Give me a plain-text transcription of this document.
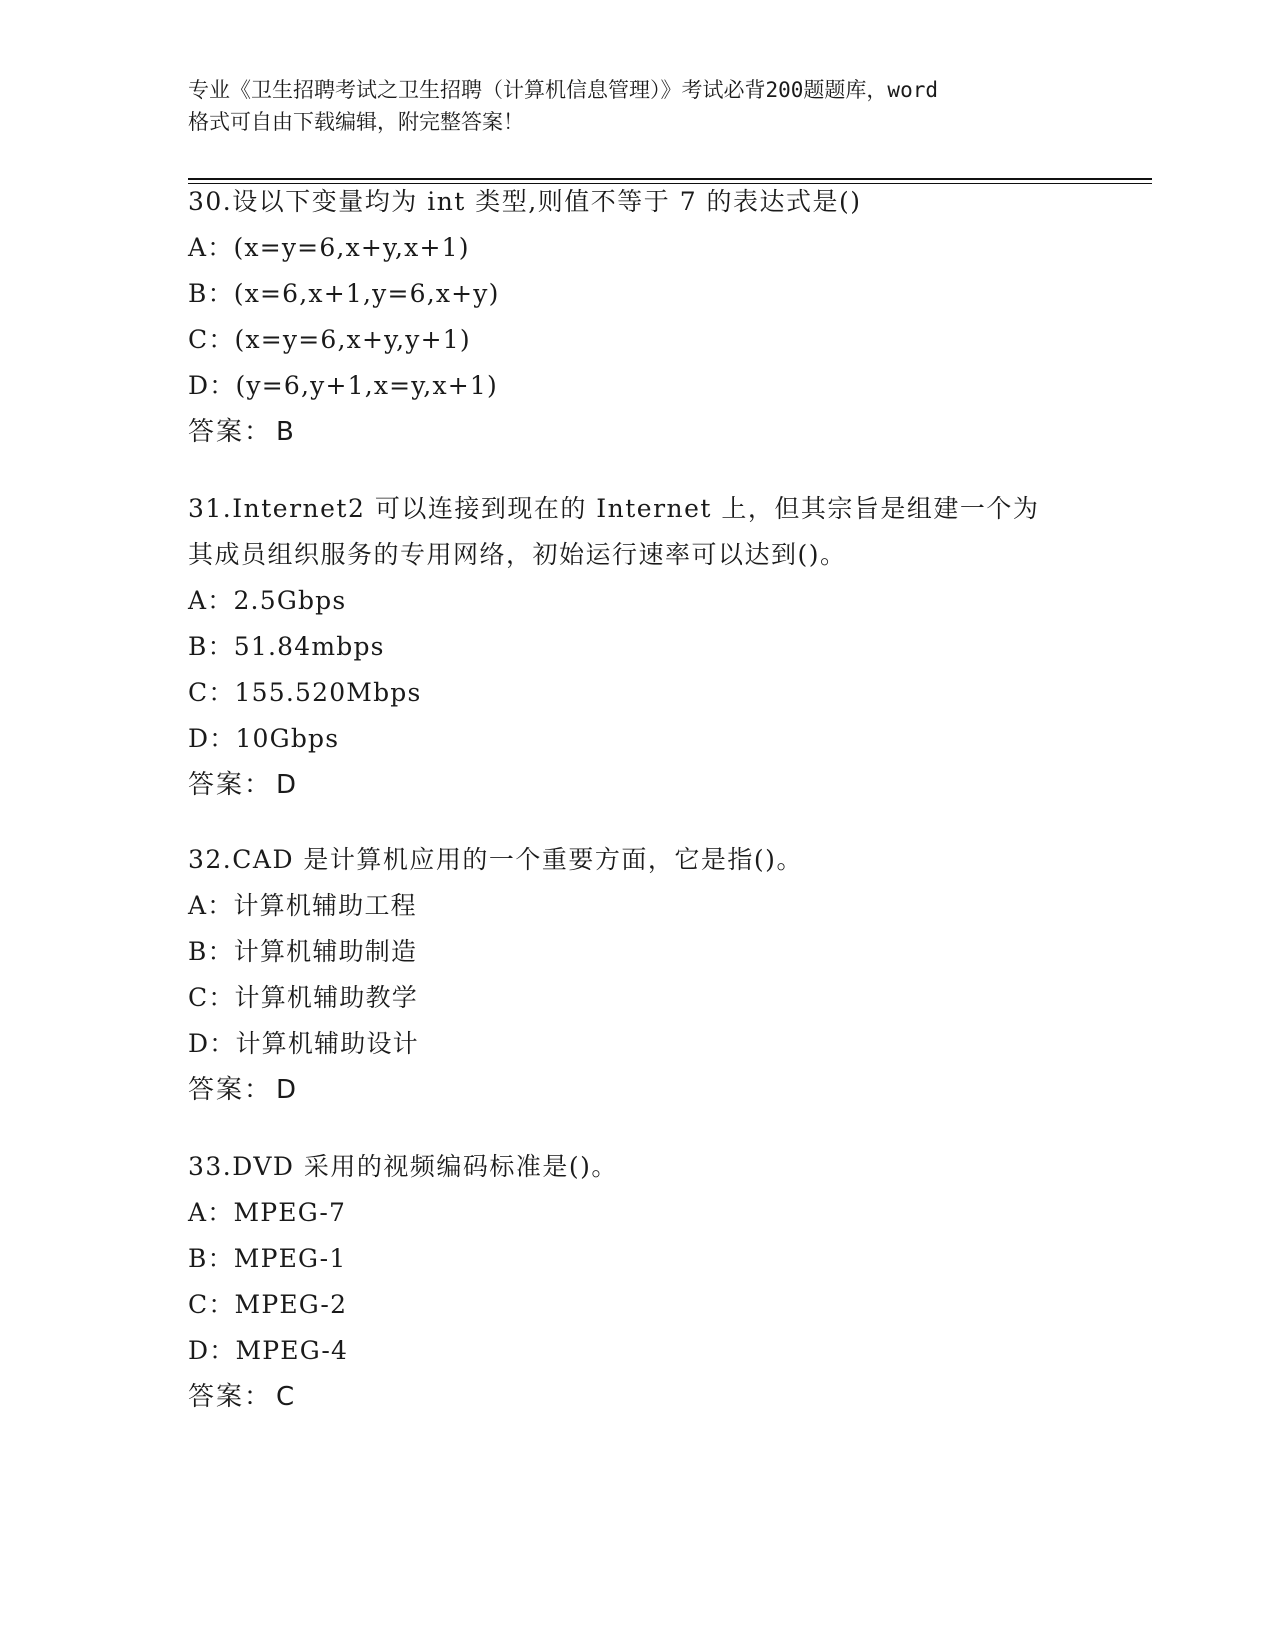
专业《卫生招聘考试之卫生招聘（计算机信息管理）》考试必背200题题库，word
格式可自由下载编辑，附完整答案！
30.设以下变量均为 int 类型,则值不等于 7 的表达式是()
A：(x=y=6,x+y,x+1)
B：(x=6,x+1,y=6,x+y)
C：(x=y=6,x+y,y+1)
D：(y=6,y+1,x=y,x+1)
答案： B
31.Internet2 可以连接到现在的 Internet 上，但其宗旨是组建一个为
其成员组织服务的专用网络，初始运行速率可以达到()。
A：2.5Gbps
B：51.84mbps
C：155.520Mbps
D：10Gbps
答案： D
32.CAD 是计算机应用的一个重要方面，它是指()。
A：计算机辅助工程
B：计算机辅助制造
C：计算机辅助教学
D：计算机辅助设计
答案： D
33.DVD 采用的视频编码标准是()。
A：MPEG-7
B：MPEG-1
C：MPEG-2
D：MPEG-4
答案： C
